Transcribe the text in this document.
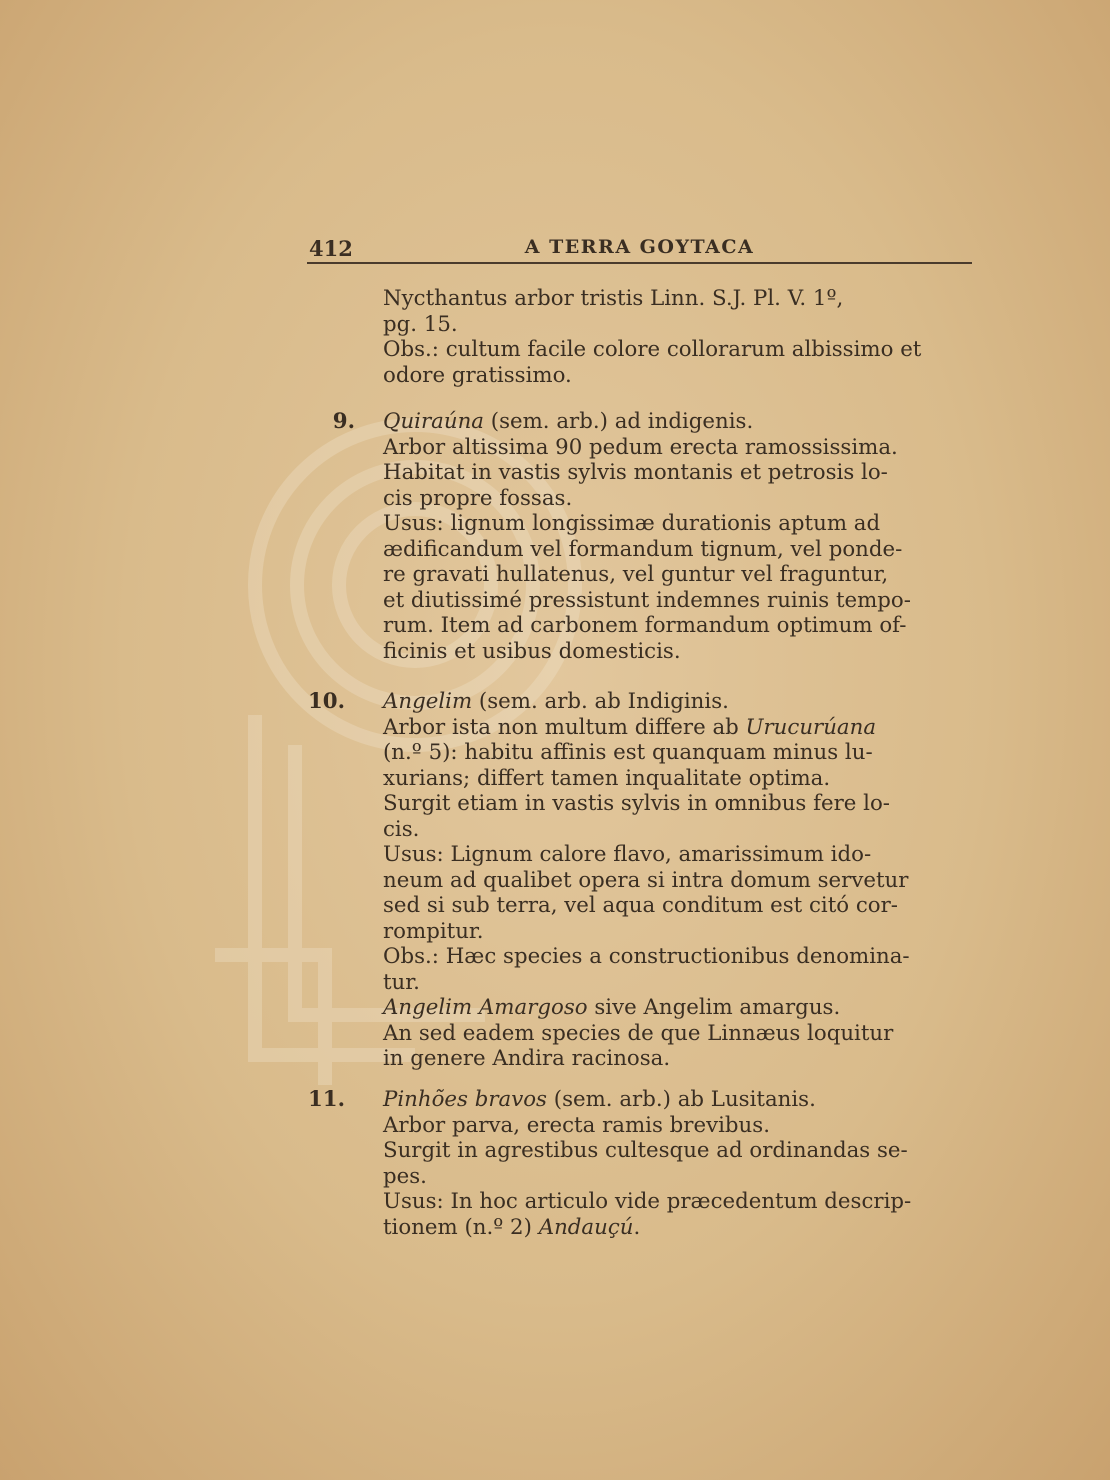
412	A TERRA GOYTACA

Nycthantus arbor tristis Linn. S.J. Pl. V. 1º,

pg. 15.

Obs.: cultum facile colore collorarum albissimo et

odore gratissimo.

9. Quiraúna (sem. arb.) ad indigenis.

Arbor altissima 90 pedum erecta ramossissima.

Habitat in vastis sylvis montanis et petrosis lo-

cis propre fossas.

Usus: lignum longissimæ durationis aptum ad

ædificandum vel formandum tignum, vel ponde-

re gravati hullatenus, vel guntur vel fraguntur,

et diutissimé pressistunt indemnes ruinis tempo-

rum. Item ad carbonem formandum optimum of-

ficinis et usibus domesticis.

10. Angelim (sem. arb. ab Indiginis.

Arbor ista non multum differe ab Urucurúana

(n.º 5): habitu affinis est quanquam minus lu-

xurians; differt tamen inqualitate optima.

Surgit etiam in vastis sylvis in omnibus fere lo-

cis.

Usus: Lignum calore flavo, amarissimum ido-

neum ad qualibet opera si intra domum servetur

sed si sub terra, vel aqua conditum est citó cor-

rompitur.

Obs.: Hæc species a constructionibus denomina-

tur.

Angelim Amargoso sive Angelim amargus.

An sed eadem species de que Linnæus loquitur

in genere Andira racinosa.

11. Pinhões bravos (sem. arb.) ab Lusitanis.

Arbor parva, erecta ramis brevibus.

Surgit in agrestibus cultesque ad ordinandas se-

pes.

Usus: In hoc articulo vide præcedentum descrip-

tionem (n.º 2) Andauçú.
